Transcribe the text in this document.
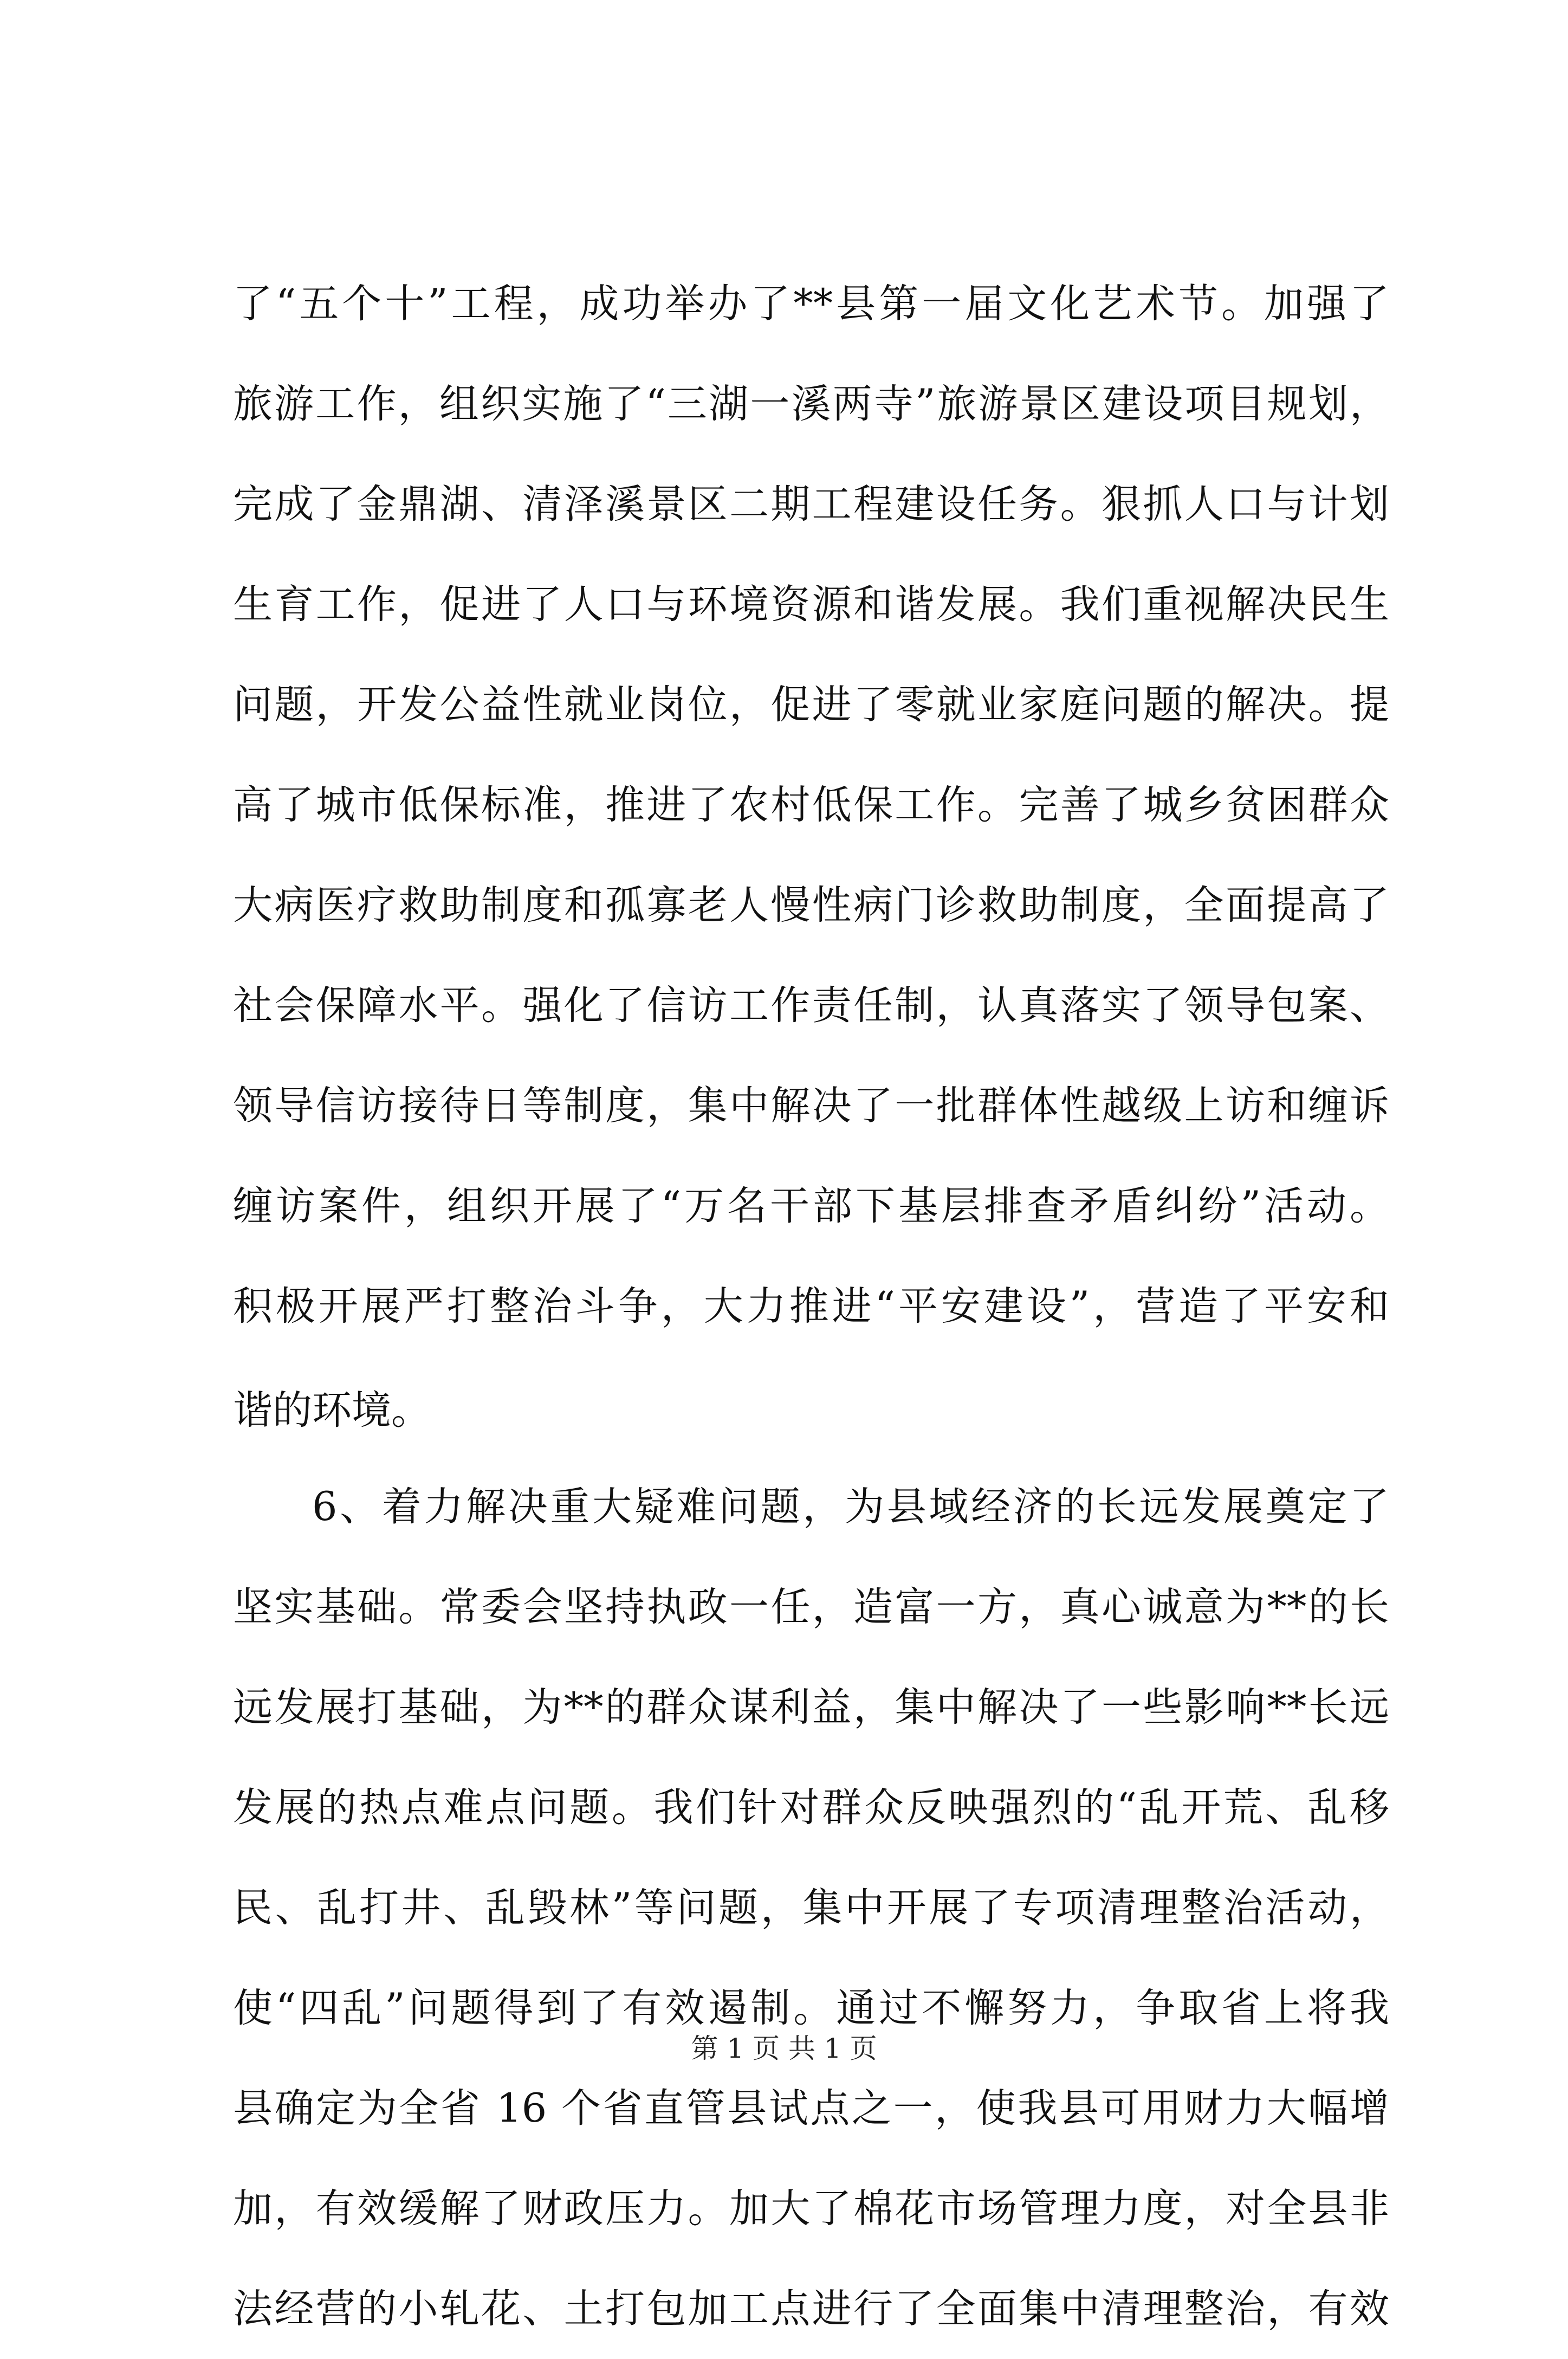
了“五个十”工程，成功举办了**县第一届文化艺术节。加强了
旅游工作，组织实施了“三湖一溪两寺”旅游景区建设项目规划，
完成了金鼎湖、清泽溪景区二期工程建设任务。狠抓人口与计划
生育工作，促进了人口与环境资源和谐发展。我们重视解决民生
问题，开发公益性就业岗位，促进了零就业家庭问题的解决。提
高了城市低保标准，推进了农村低保工作。完善了城乡贫困群众
大病医疗救助制度和孤寡老人慢性病门诊救助制度，全面提高了
社会保障水平。强化了信访工作责任制，认真落实了领导包案、
领导信访接待日等制度，集中解决了一批群体性越级上访和缠诉
缠访案件，组织开展了“万名干部下基层排查矛盾纠纷”活动。
积极开展严打整治斗争，大力推进“平安建设”，营造了平安和
谐的环境。
6、着力解决重大疑难问题，为县域经济的长远发展奠定了
坚实基础。常委会坚持执政一任，造富一方，真心诚意为**的长
远发展打基础，为**的群众谋利益，集中解决了一些影响**长远
发展的热点难点问题。我们针对群众反映强烈的“乱开荒、乱移
民、乱打井、乱毁林”等问题，集中开展了专项清理整治活动，
使“四乱”问题得到了有效遏制。通过不懈努力，争取省上将我
县确定为全省 16 个省直管县试点之一，使我县可用财力大幅增
加，有效缓解了财政压力。加大了棉花市场管理力度，对全县非
法经营的小轧花、土打包加工点进行了全面集中清理整治，有效
第 1 页 共 1 页
